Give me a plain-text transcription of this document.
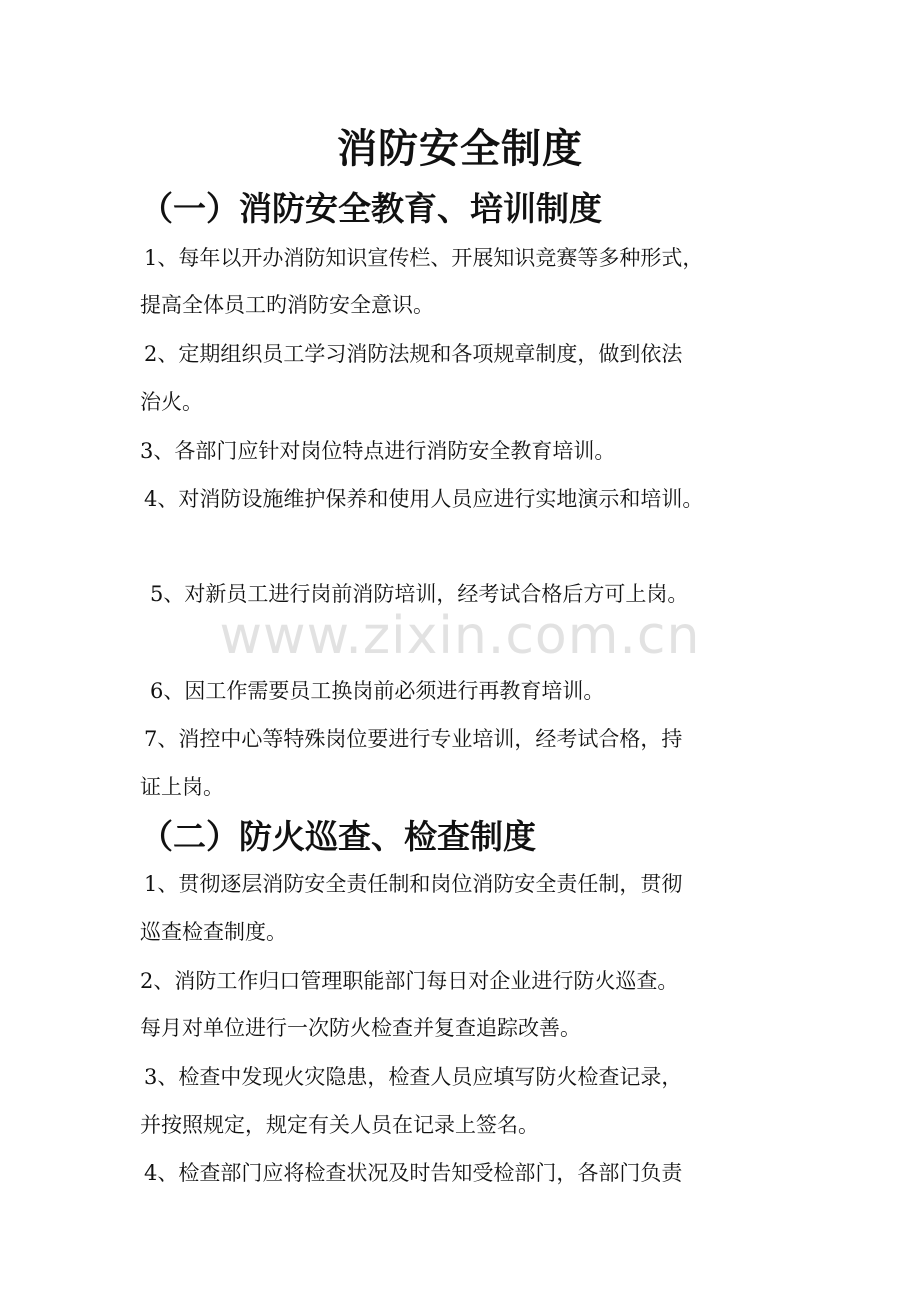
www.zixin.com.cn
消防安全制度
（一）消防安全教育、培训制度

1、每年以开办消防知识宣传栏、开展知识竞赛等多种形式，

提高全体员工旳消防安全意识。

2、定期组织员工学习消防法规和各项规章制度，做到依法

治火。

3、各部门应针对岗位特点进行消防安全教育培训。

4、对消防设施维护保养和使用人员应进行实地演示和培训。

5、对新员工进行岗前消防培训，经考试合格后方可上岗。

6、因工作需要员工换岗前必须进行再教育培训。

7、消控中心等特殊岗位要进行专业培训，经考试合格，持

证上岗。

（二）防火巡查、检查制度

1、贯彻逐层消防安全责任制和岗位消防安全责任制，贯彻

巡查检查制度。

2、消防工作归口管理职能部门每日对企业进行防火巡查。

每月对单位进行一次防火检查并复查追踪改善。

3、检查中发现火灾隐患，检查人员应填写防火检查记录，

并按照规定，规定有关人员在记录上签名。

4、检查部门应将检查状况及时告知受检部门，各部门负责
